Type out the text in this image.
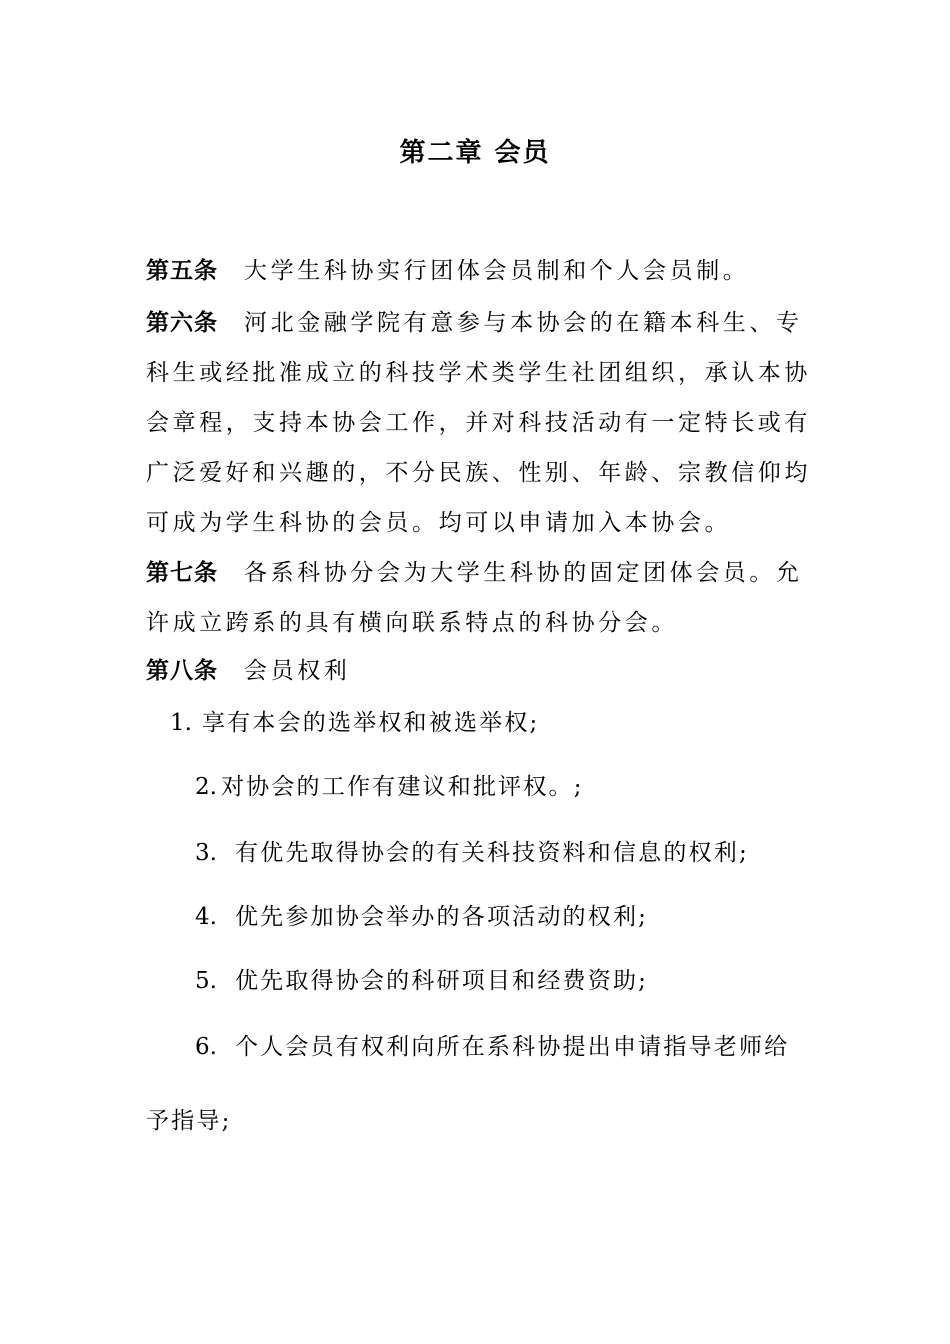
第二章 会员
第五条 大学生科协实行团体会员制和个人会员制。
第六条 河北金融学院有意参与本协会的在籍本科生、专
科生或经批准成立的科技学术类学生社团组织，承认本协
会章程，支持本协会工作，并对科技活动有一定特长或有
广泛爱好和兴趣的，不分民族、性别、年龄、宗教信仰均
可成为学生科协的会员。均可以申请加入本协会。
第七条 各系科协分会为大学生科协的固定团体会员。允
许成立跨系的具有横向联系特点的科协分会。
第八条 会员权利
1. 享有本会的选举权和被选举权;
2. 对协会的工作有建议和批评权。;
3. 有优先取得协会的有关科技资料和信息的权利;
4. 优先参加协会举办的各项活动的权利;
5. 优先取得协会的科研项目和经费资助;
6. 个人会员有权利向所在系科协提出申请指导老师给
予指导;
